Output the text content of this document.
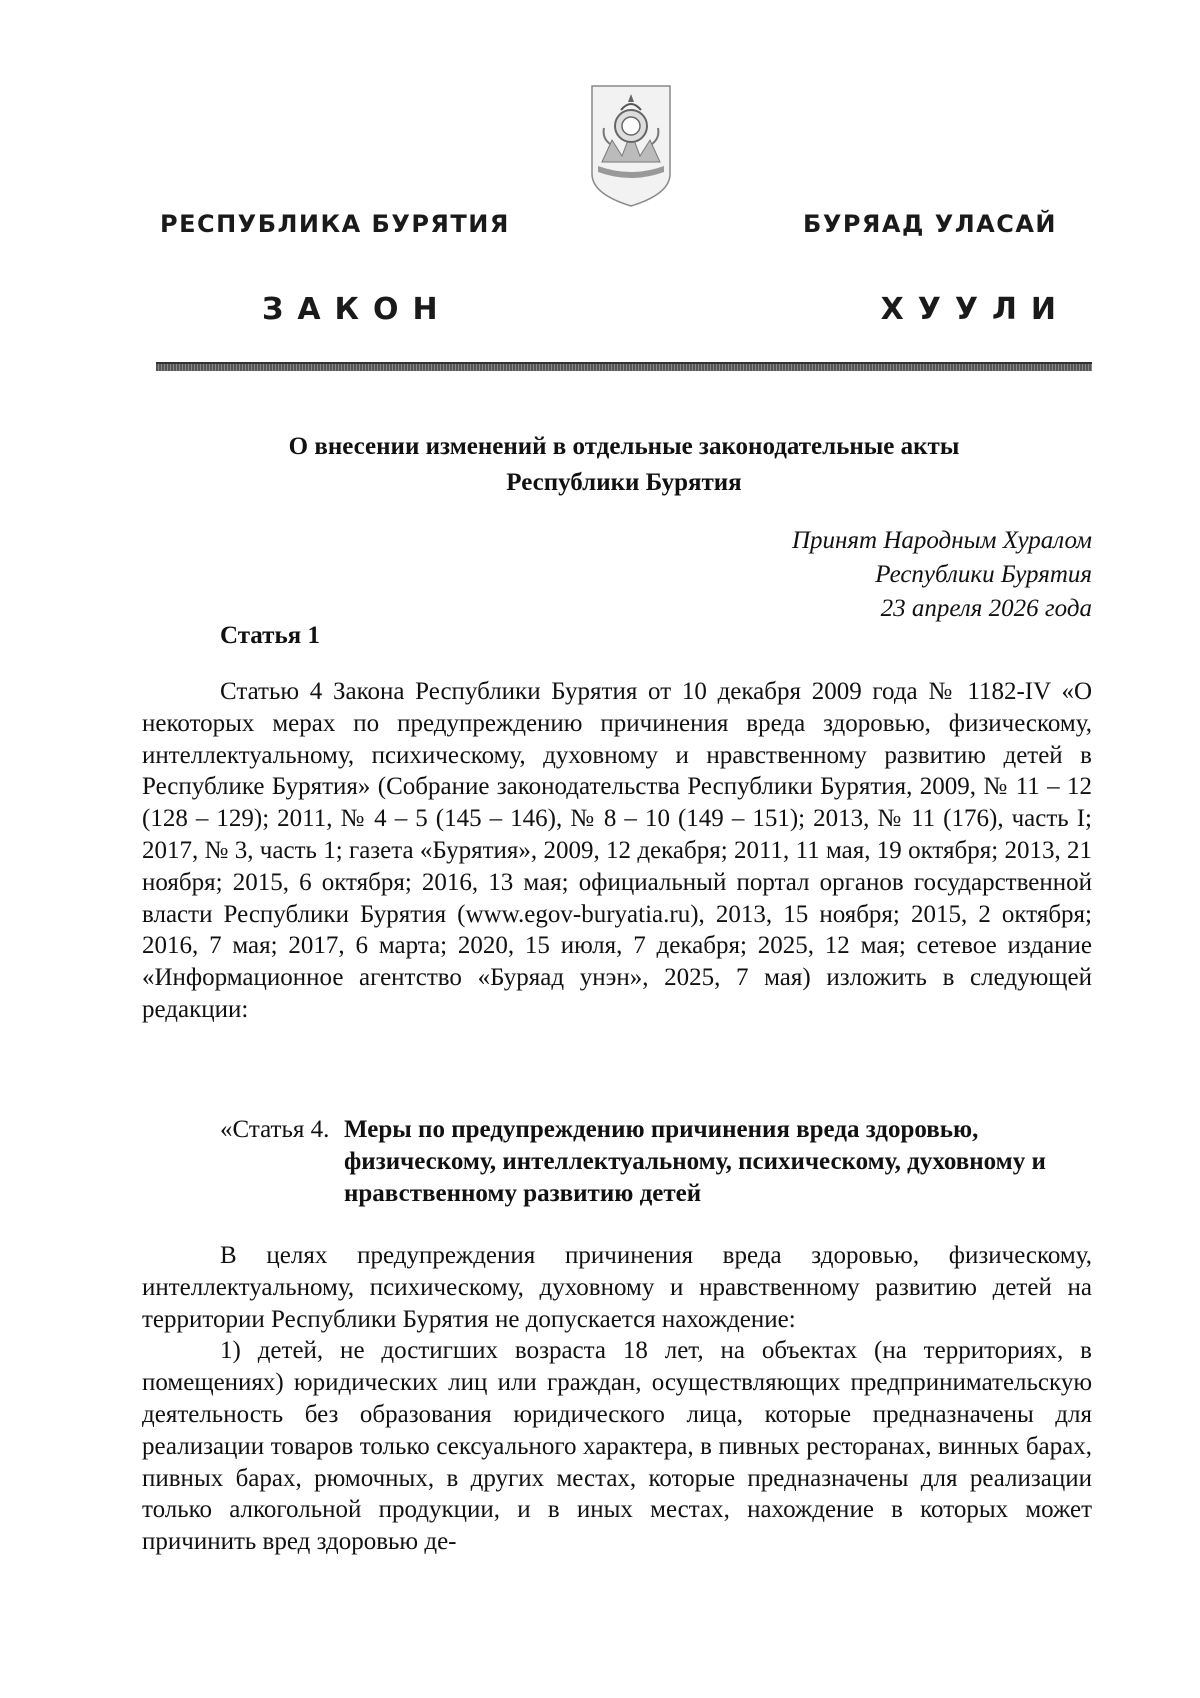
РЕСПУБЛИКА БУРЯТИЯ	БУРЯАД УЛАСАЙ
ЗАКОН	ХУУЛИ
О внесении изменений в отдельные законодательные акты
Республики Бурятия
Принят Народным Хуралом
Республики Бурятия
23 апреля 2026 года
Статья 1

Статью 4 Закона Республики Бурятия от 10 декабря 2009 года № 1182-IV «О некоторых мерах по предупреждению причинения вреда здоровью, физическому, интеллектуальному, психическому, духовному и нравственному развитию детей в Республике Бурятия» (Собрание законодательства Республики Бурятия, 2009, № 11 – 12 (128 – 129); 2011, № 4 – 5 (145 – 146), № 8 – 10 (149 – 151); 2013, № 11 (176), часть I; 2017, № 3, часть 1; газета «Бурятия», 2009, 12 декабря; 2011, 11 мая, 19 октября; 2013, 21 ноября; 2015, 6 октября; 2016, 13 мая; официальный портал органов государственной власти Республики Бурятия (www.egov-buryatia.ru), 2013, 15 ноября; 2015, 2 октября; 2016, 7 мая; 2017, 6 марта; 2020, 15 июля, 7 декабря; 2025, 12 мая; сетевое издание «Информационное агентство «Буряад унэн», 2025, 7 мая) изложить в следующей редакции:

«Статья 4. Меры по предупреждению причинения вреда здоровью, физическому, интеллектуальному, психическому, духовному и нравственному развитию детей

В целях предупреждения причинения вреда здоровью, физическому, интеллектуальному, психическому, духовному и нравственному развитию детей на территории Республики Бурятия не допускается нахождение:

1) детей, не достигших возраста 18 лет, на объектах (на территориях, в помещениях) юридических лиц или граждан, осуществляющих предпринимательскую деятельность без образования юридического лица, которые предназначены для реализации товаров только сексуального характера, в пивных ресторанах, винных барах, пивных барах, рюмочных, в других местах, которые предназначены для реализации только алкогольной продукции, и в иных местах, нахождение в которых может причинить вред здоровью де-
